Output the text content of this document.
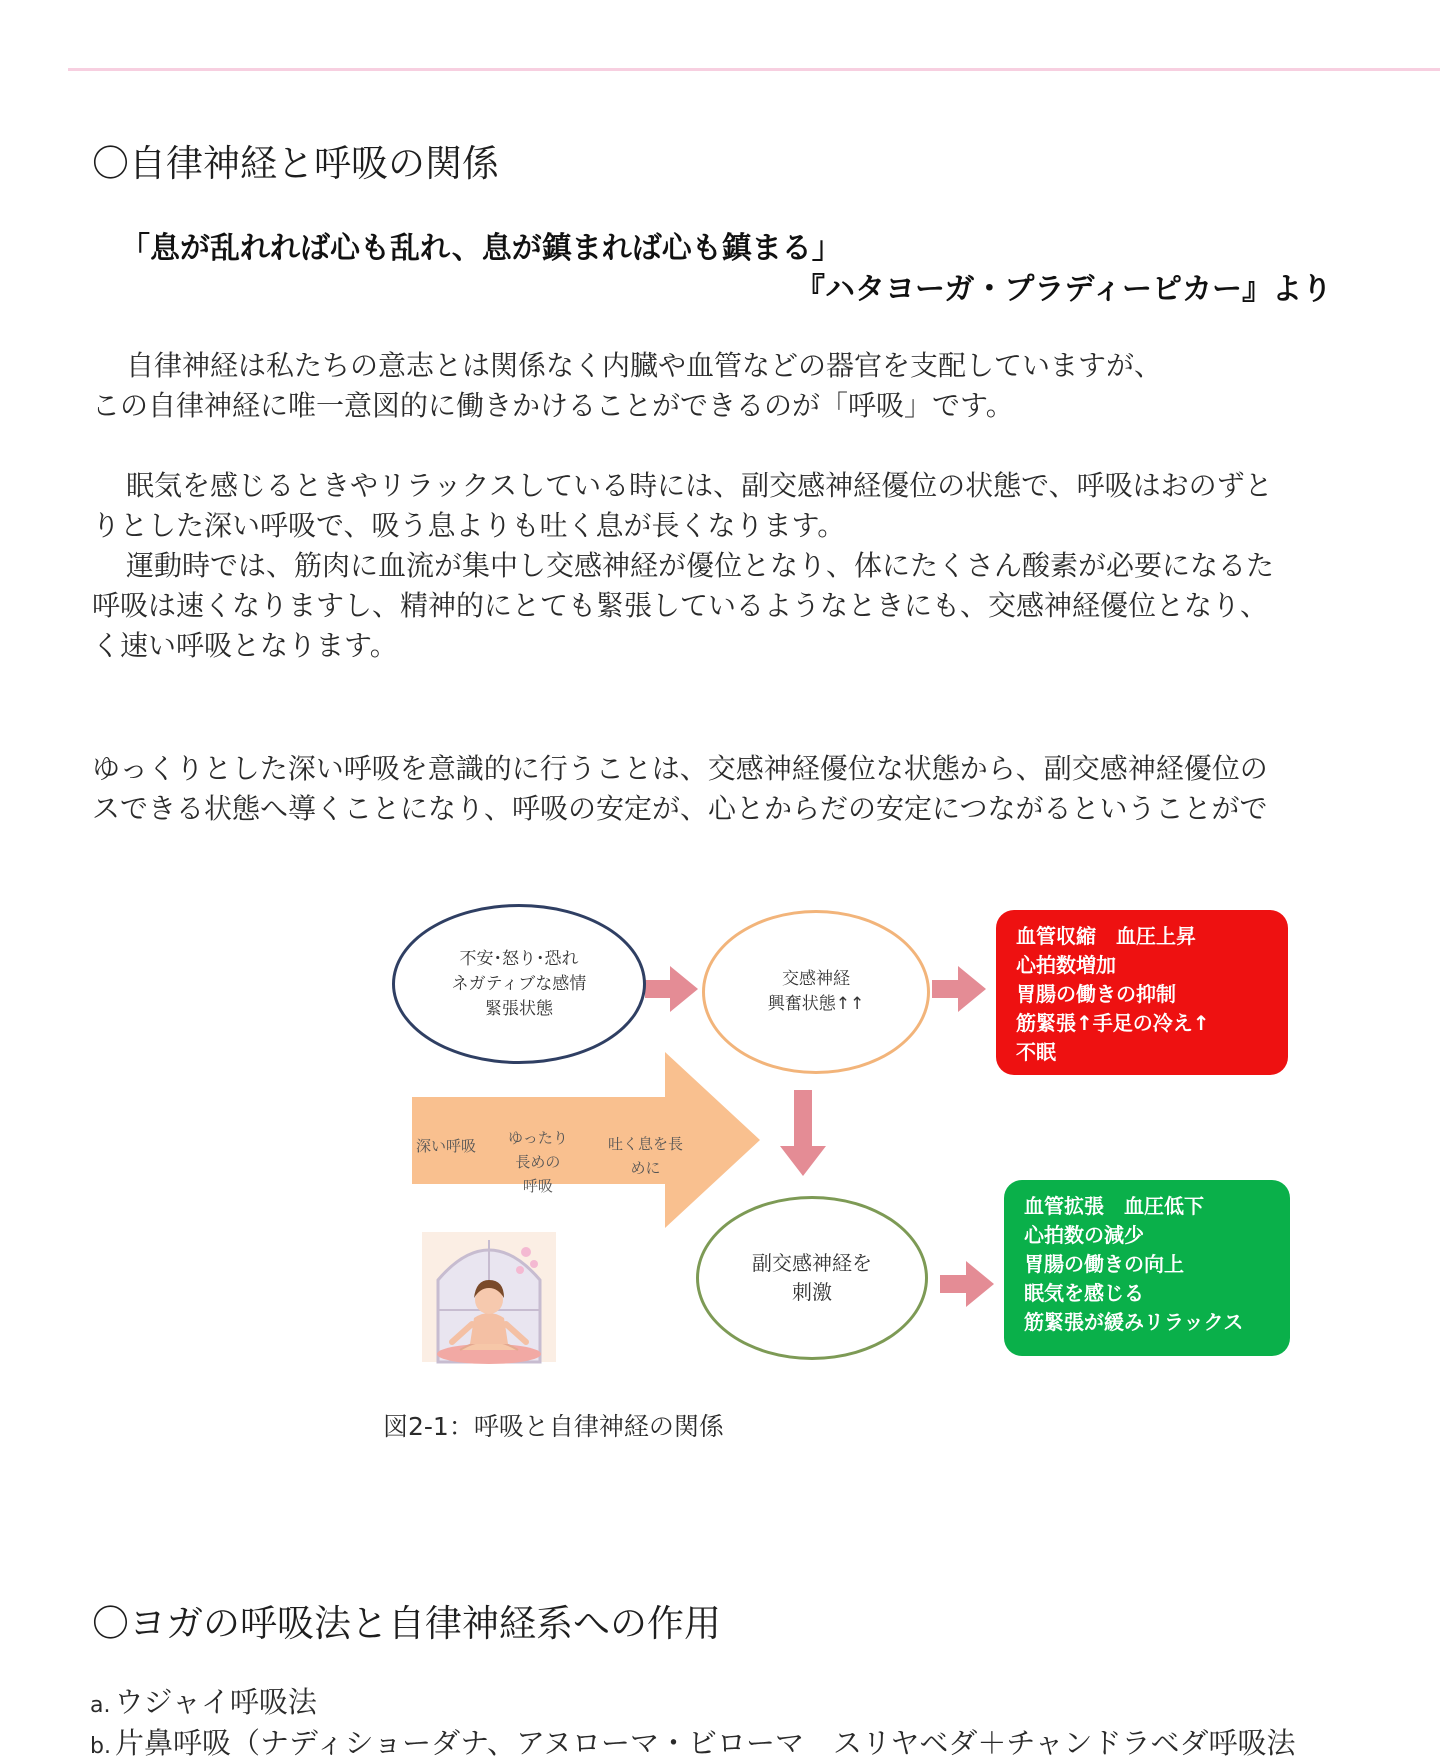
〇自律神経と呼吸の関係
「息が乱れれば心も乱れ、息が鎮まれば心も鎮まる」
『ハタヨーガ・プラディーピカー』より
自律神経は私たちの意志とは関係なく内臓や血管などの器官を支配していますが、
この自律神経に唯一意図的に働きかけることができるのが「呼吸」です。
眠気を感じるときやリラックスしている時には、副交感神経優位の状態で、呼吸はおのずと
りとした深い呼吸で、吸う息よりも吐く息が長くなります。
運動時では、筋肉に血流が集中し交感神経が優位となり、体にたくさん酸素が必要になるた
呼吸は速くなりますし、精神的にとても緊張しているようなときにも、交感神経優位となり、
く速い呼吸となります。
ゆっくりとした深い呼吸を意識的に行うことは、交感神経優位な状態から、副交感神経優位の
スできる状態へ導くことになり、呼吸の安定が、心とからだの安定につながるということがで
不安･怒り･恐れ
ネガティブな感情
緊張状態
交感神経
興奮状態↑↑
副交感神経を
刺激
血管収縮　血圧上昇
心拍数増加
胃腸の働きの抑制
筋緊張↑手足の冷え↑
不眠
血管拡張　血圧低下
心拍数の減少
胃腸の働きの向上
眠気を感じる
筋緊張が緩みリラックス
深い呼吸 ゆったり
長めの
呼吸
吐く息を長
めに
図2-1：呼吸と自律神経の関係
〇ヨガの呼吸法と自律神経系への作用
a. ウジャイ呼吸法
b. 片鼻呼吸（ナディショーダナ、アヌローマ・ビローマ　スリヤベダ＋チャンドラベダ呼吸法
